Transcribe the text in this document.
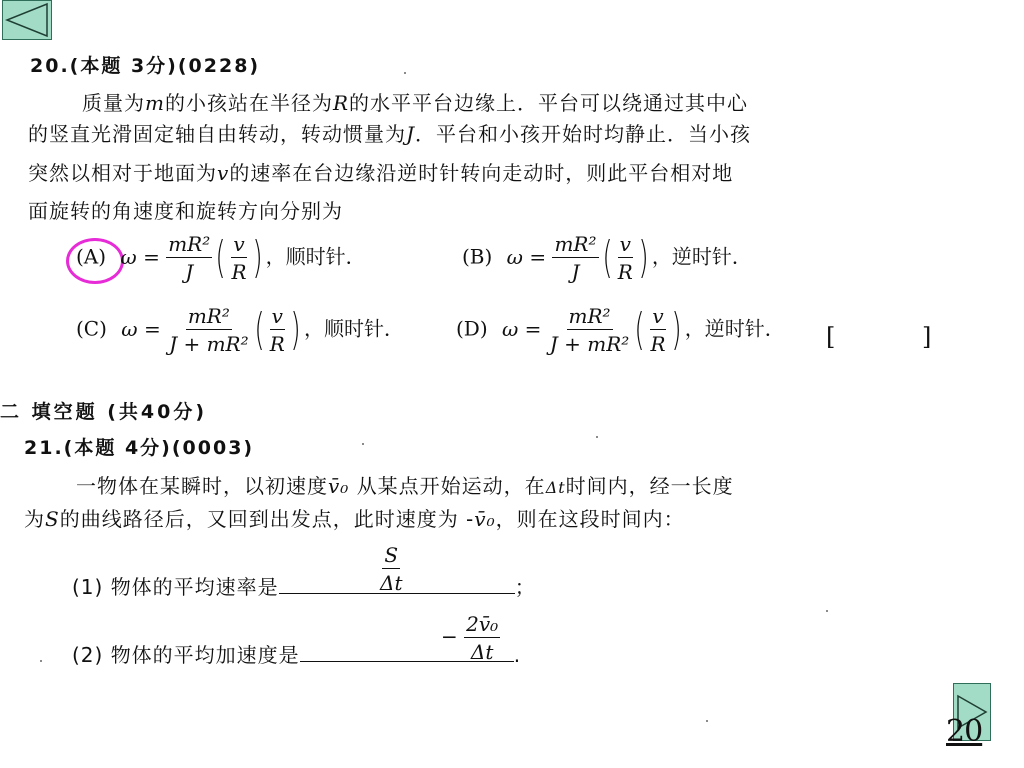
20
20.(本题 3分)(0228)
质量为m的小孩站在半径为R的水平平台边缘上．平台可以绕通过其中心
的竖直光滑固定轴自由转动，转动惯量为J．平台和小孩开始时均静止．当小孩
突然以相对于地面为v的速率在台边缘沿逆时针转向走动时，则此平台相对地
面旋转的角速度和旋转方向分别为
(A) $\omega = \frac{\text{mR²}}{J}$ ( $\frac{v}{R}$ ) ，顺时针．	(B) $\omega = \frac{\text{mR²}}{J}$ ( $\frac{v}{R}$ ) ，逆时针．
(C) $\omega = \frac{\text{mR²}}{\text{J + mR²}}$ ( $\frac{v}{R}$ ) ，顺时针．	(D) $\omega = \frac{\text{mR²}}{\text{J + mR²}}$ ( $\frac{v}{R}$ ) ，逆时针． [	]
二 填空题 (共40分)
21.(本题 4分)(0003)
一物体在某瞬时，以初速度v̄₀ 从某点开始运动，在Δt时间内，经一长度
为S的曲线路径后，又回到出发点，此时速度为 -v̄₀，则在这段时间内：
(1) 物体的平均速率是	；
$\frac{S}{\Delta t}$
(2) 物体的平均加速度是	.
− $\frac{\text{2v̄₀}}{\Delta t}$
